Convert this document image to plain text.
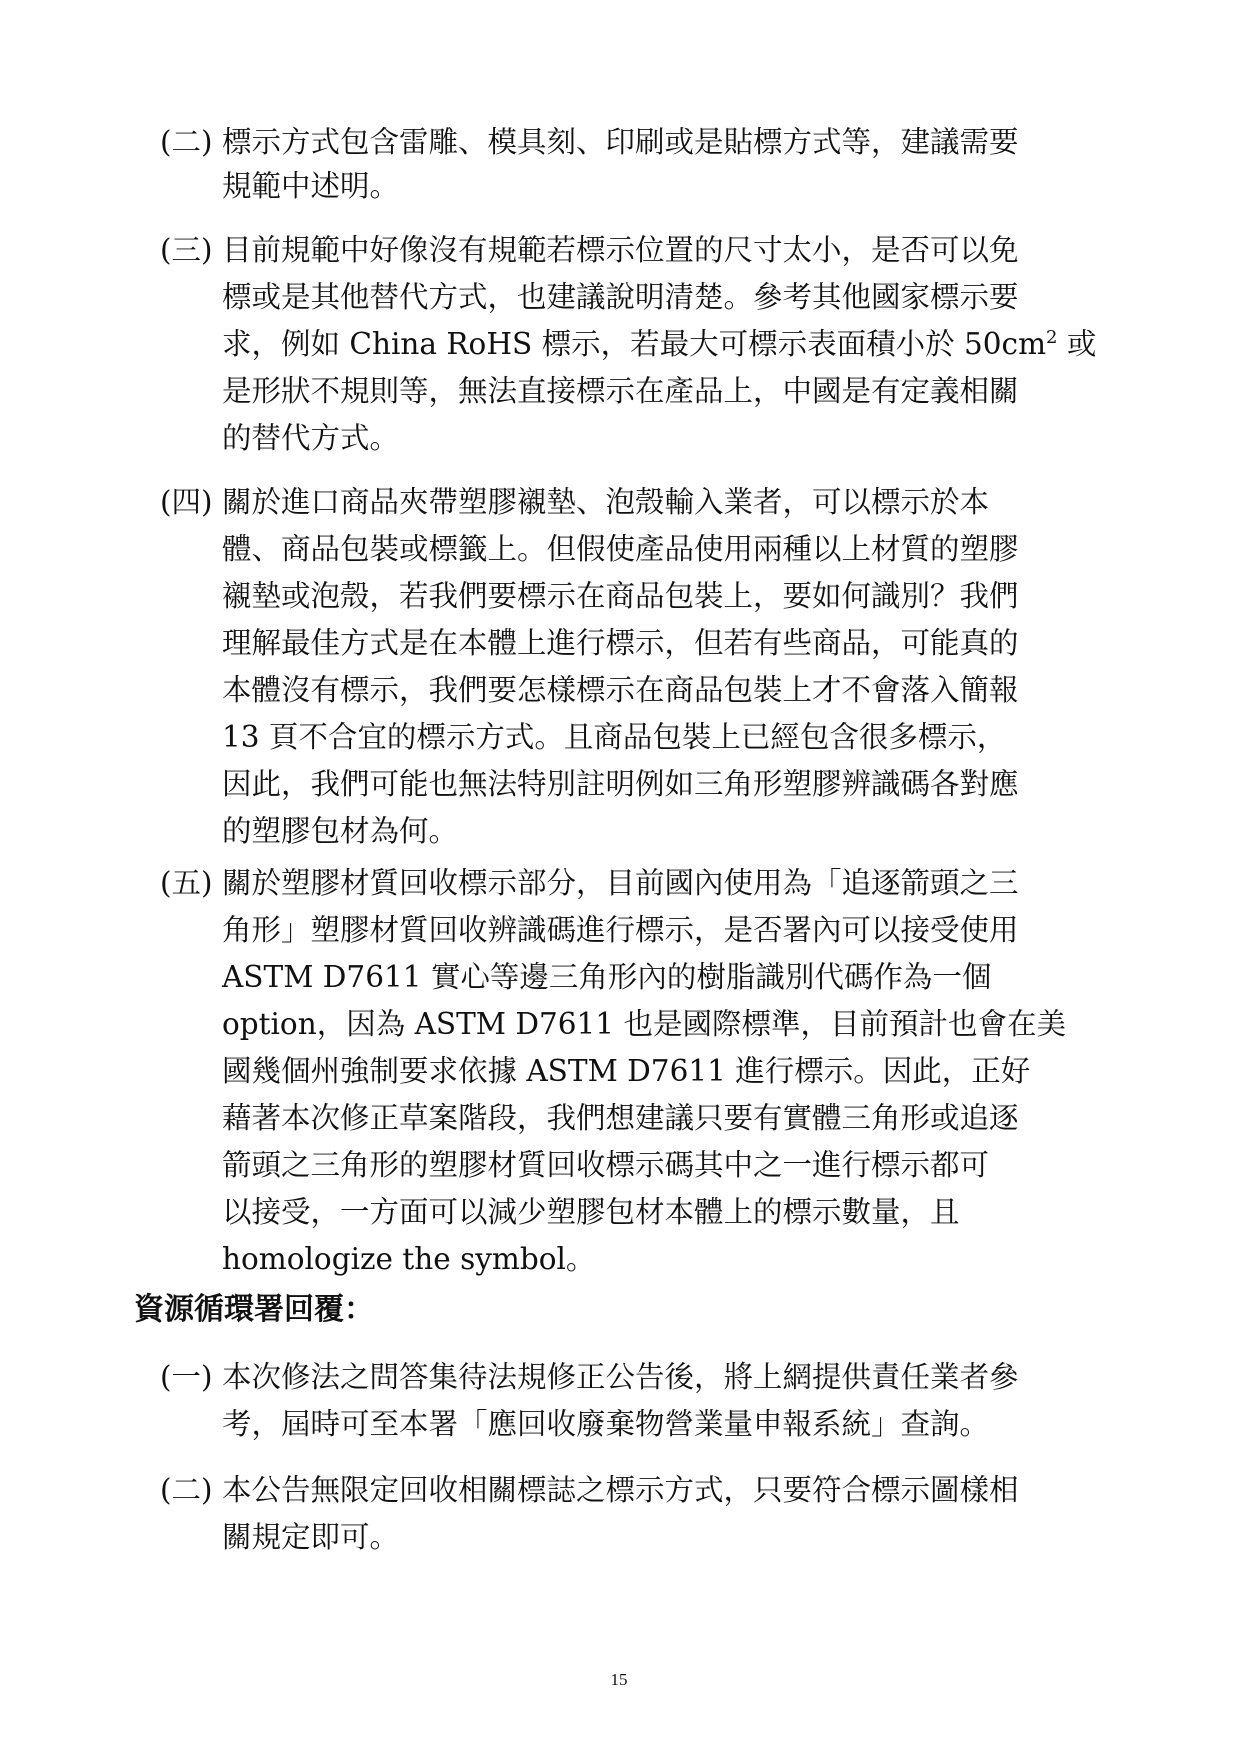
(二) 標示方式包含雷雕、模具刻、印刷或是貼標方式等，建議需要
規範中述明。
(三) 目前規範中好像沒有規範若標示位置的尺寸太小，是否可以免
標或是其他替代方式，也建議說明清楚。參考其他國家標示要
求，例如 China RoHS 標示，若最大可標示表面積小於 $50cm^2$ 或
是形狀不規則等，無法直接標示在產品上，中國是有定義相關
的替代方式。
(四) 關於進口商品夾帶塑膠襯墊、泡殼輸入業者，可以標示於本
體、商品包裝或標籤上。但假使產品使用兩種以上材質的塑膠
襯墊或泡殼，若我們要標示在商品包裝上，要如何識別？我們
理解最佳方式是在本體上進行標示，但若有些商品，可能真的
本體沒有標示，我們要怎樣標示在商品包裝上才不會落入簡報
13 頁不合宜的標示方式。且商品包裝上已經包含很多標示，
因此，我們可能也無法特別註明例如三角形塑膠辨識碼各對應
的塑膠包材為何。
(五) 關於塑膠材質回收標示部分，目前國內使用為「追逐箭頭之三
角形」塑膠材質回收辨識碼進行標示，是否署內可以接受使用
ASTM D7611 實心等邊三角形內的樹脂識別代碼作為一個
option，因為 ASTM D7611 也是國際標準，目前預計也會在美
國幾個州強制要求依據 ASTM D7611 進行標示。因此，正好
藉著本次修正草案階段，我們想建議只要有實體三角形或追逐
箭頭之三角形的塑膠材質回收標示碼其中之一進行標示都可
以接受，一方面可以減少塑膠包材本體上的標示數量，且
homologize the symbol。
資源循環署回覆：
(一) 本次修法之問答集待法規修正公告後，將上網提供責任業者參
考，屆時可至本署「應回收廢棄物營業量申報系統」查詢。
(二) 本公告無限定回收相關標誌之標示方式，只要符合標示圖樣相
關規定即可。
15
